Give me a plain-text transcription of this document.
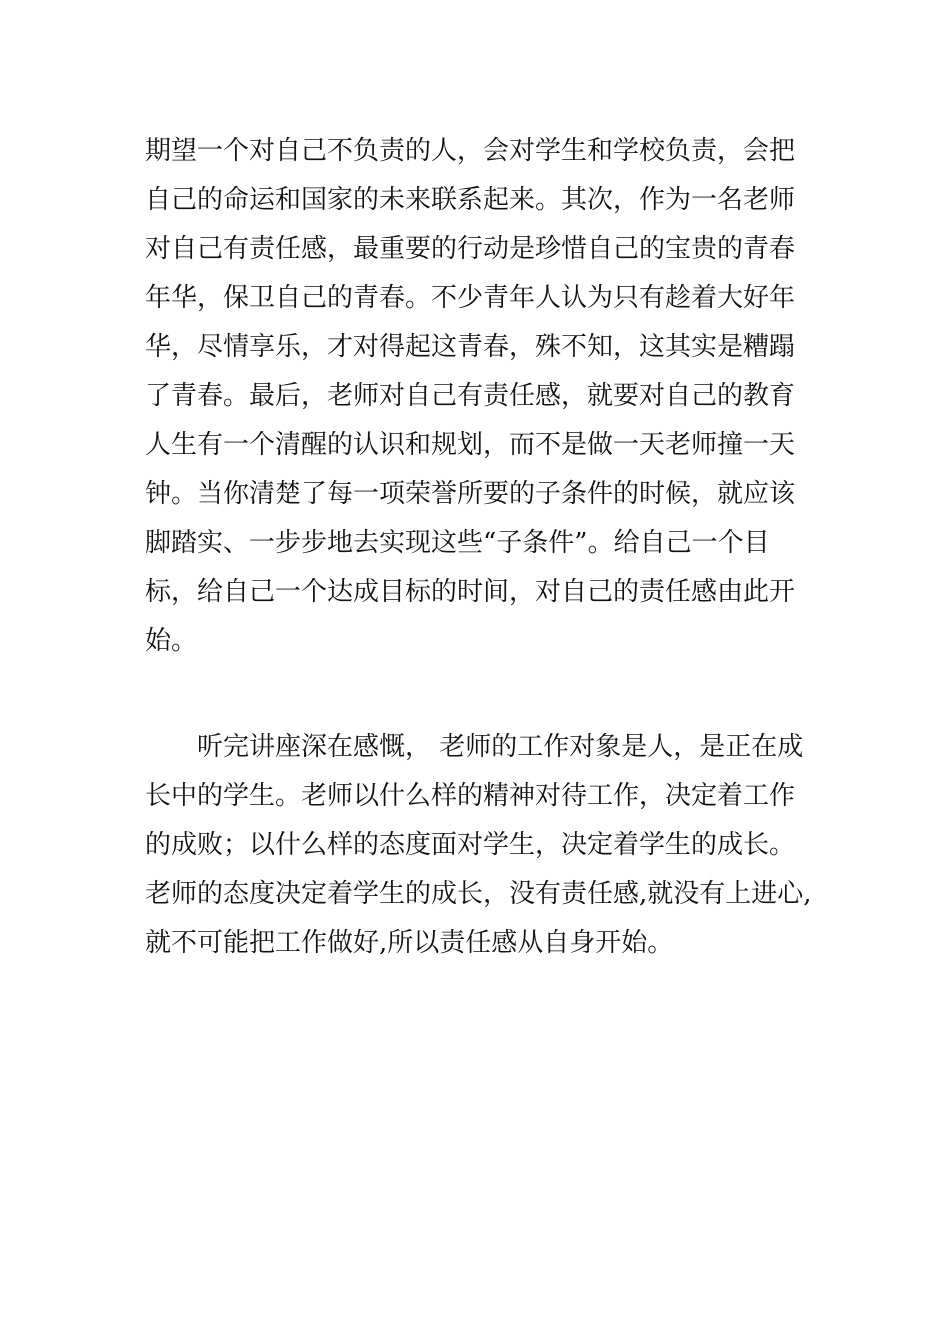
期望一个对自己不负责的人，会对学生和学校负责，会把
自己的命运和国家的未来联系起来。其次，作为一名老师
对自己有责任感，最重要的行动是珍惜自己的宝贵的青春
年华，保卫自己的青春。不少青年人认为只有趁着大好年
华，尽情享乐，才对得起这青春，殊不知，这其实是糟蹋
了青春。最后，老师对自己有责任感，就要对自己的教育
人生有一个清醒的认识和规划，而不是做一天老师撞一天
钟。当你清楚了每一项荣誉所要的子条件的时候，就应该
脚踏实、一步步地去实现这些“子条件”。给自己一个目
标，给自己一个达成目标的时间，对自己的责任感由此开
始。

　　听完讲座深在感慨， 老师的工作对象是人，是正在成
长中的学生。老师以什么样的精神对待工作，决定着工作
的成败；以什么样的态度面对学生，决定着学生的成长。
老师的态度决定着学生的成长，没有责任感,就没有上进心,
就不可能把工作做好,所以责任感从自身开始。
